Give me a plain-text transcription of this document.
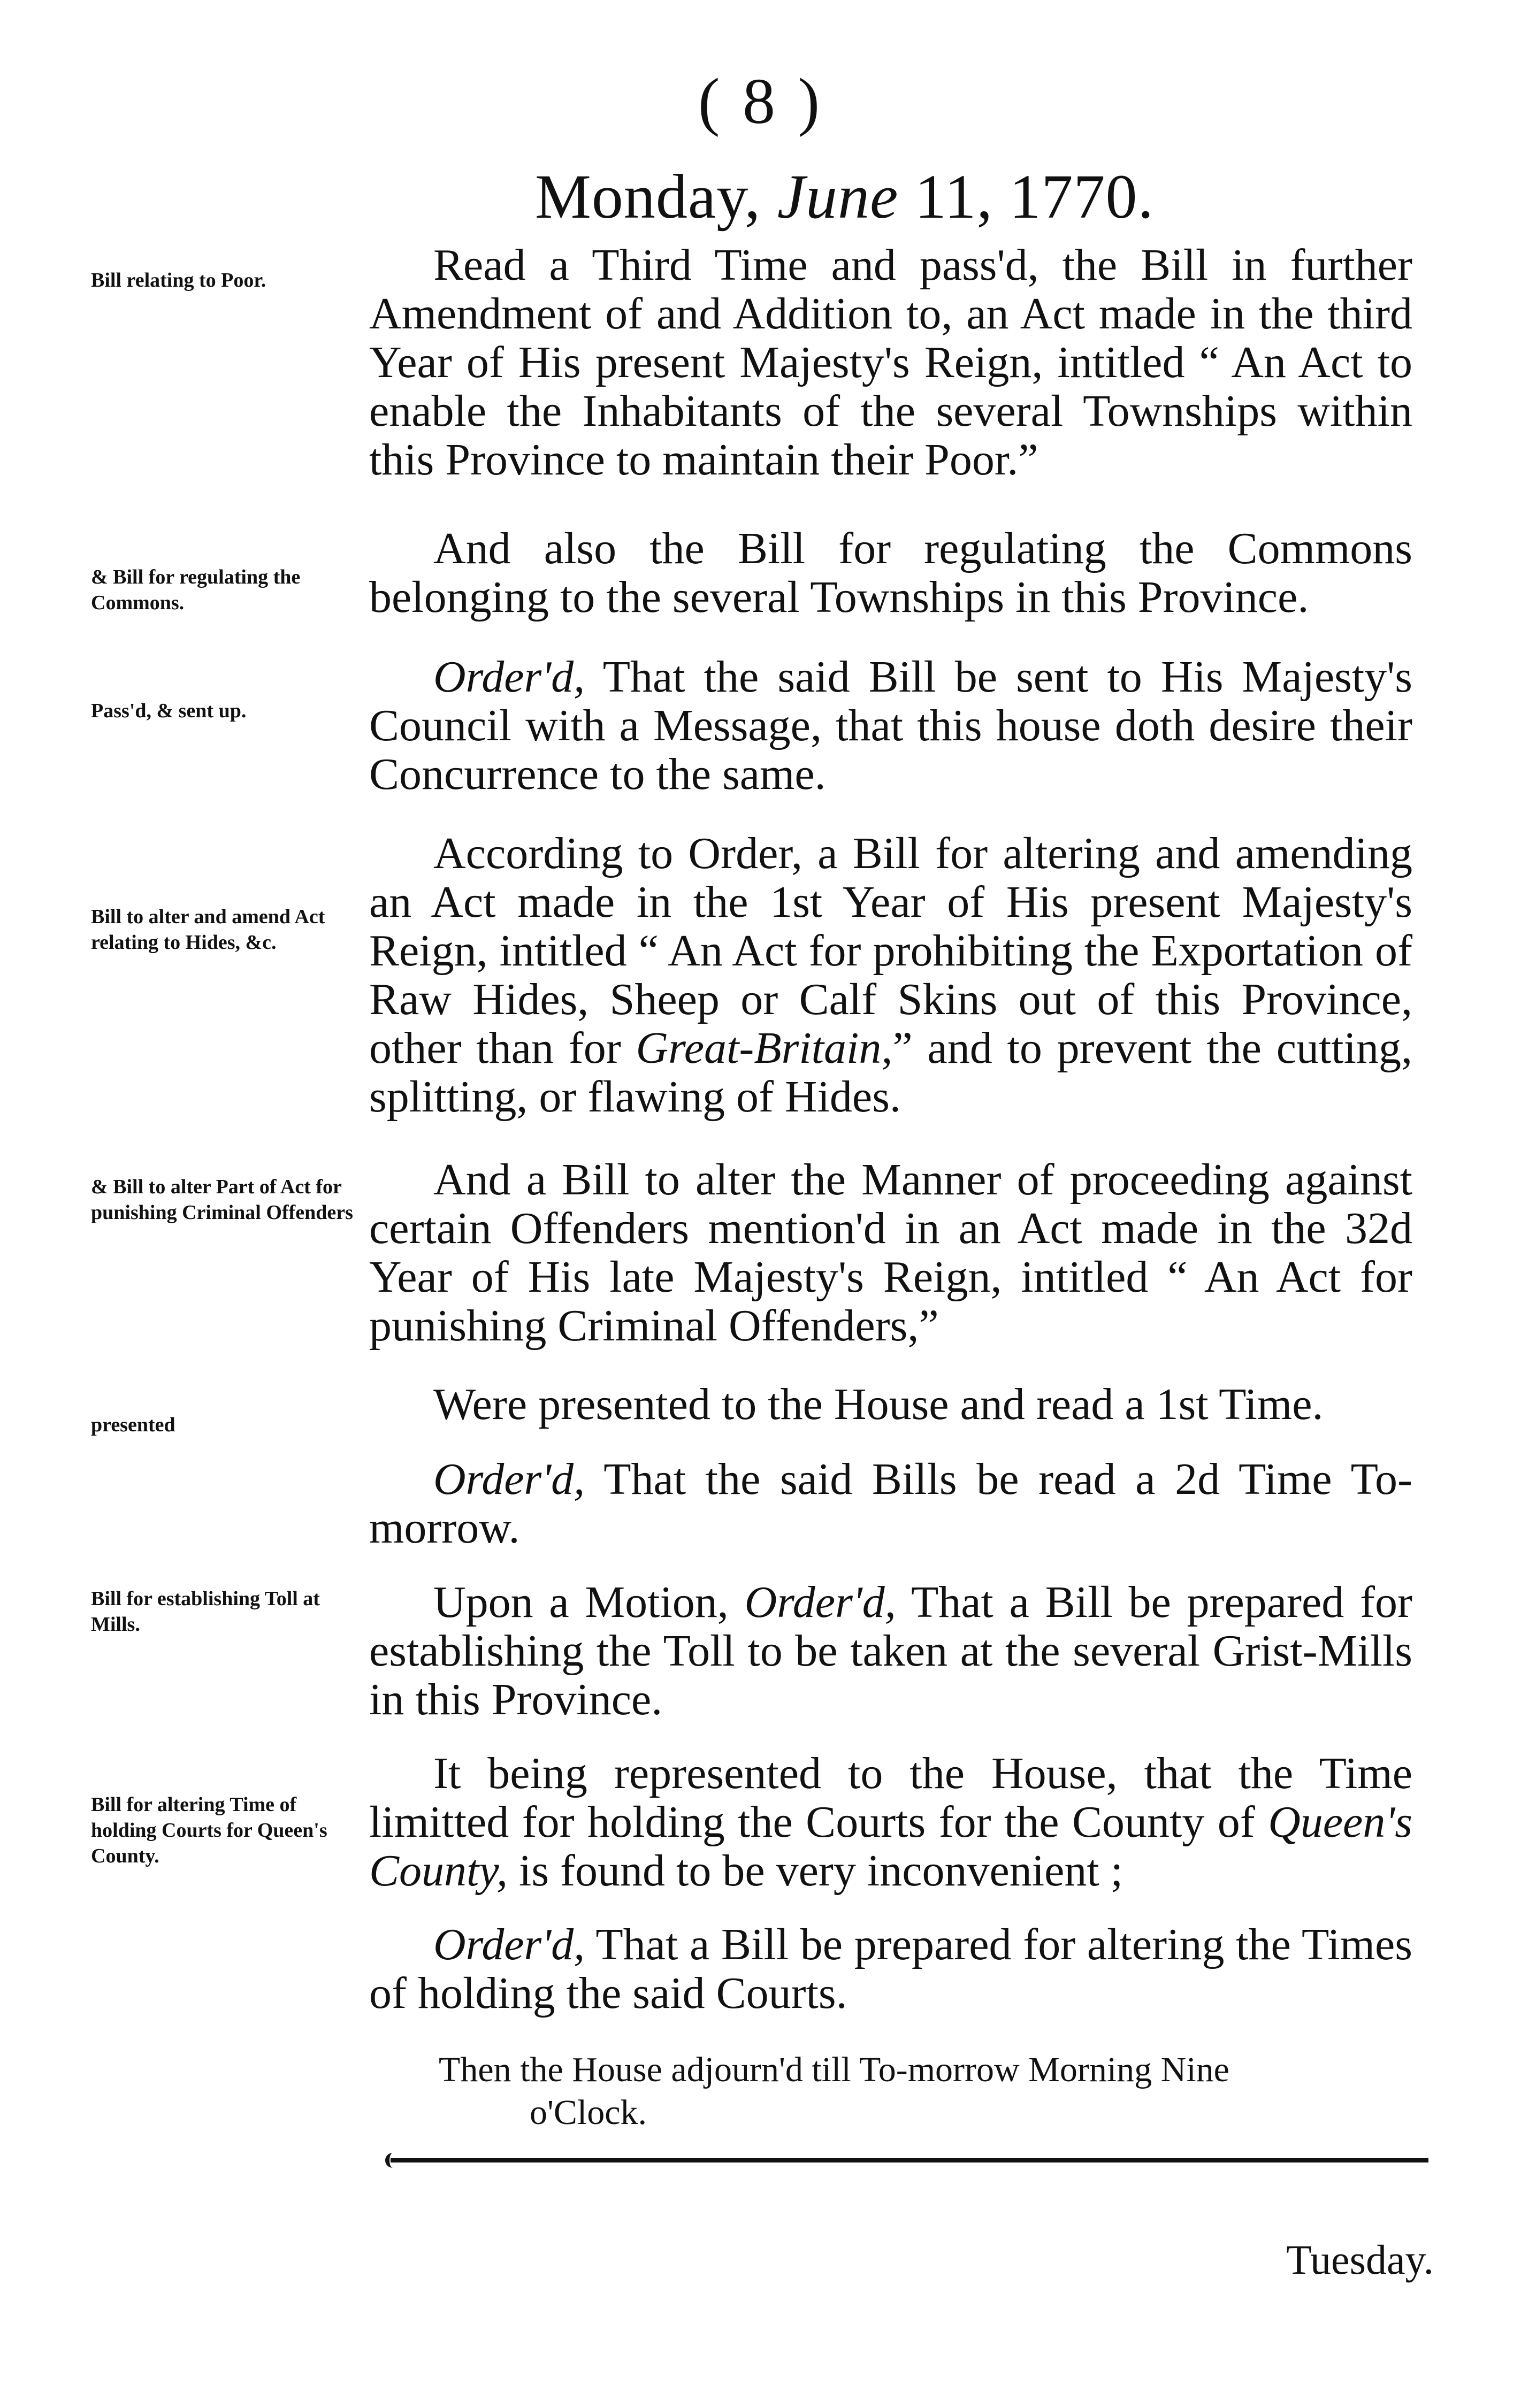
( 8 )
Monday, June 11, 1770.
Bill relating to Poor.
& Bill for regulating the Commons.
Pass'd, & sent up.
Bill to alter and amend Act relating to Hides, &c.
& Bill to alter Part of Act for punishing Criminal Offenders
presented
Bill for establishing Toll at Mills.
Bill for altering Time of holding Courts for Queen's County.
Read a Third Time and pass'd, the Bill in further Amendment of and Addition to, an Act made in the third Year of His present Majesty's Reign, intitled “ An Act to enable the Inhabitants of the several Townships within this Province to maintain their Poor.”
And also the Bill for regulating the Commons belonging to the several Townships in this Province.
Order'd, That the said Bill be sent to His Majesty's Council with a Message, that this house doth desire their Concurrence to the same.
According to Order, a Bill for altering and amending an Act made in the 1st Year of His present Majesty's Reign, intitled “ An Act for prohibiting the Exportation of Raw Hides, Sheep or Calf Skins out of this Province, other than for Great-Britain,” and to prevent the cutting, splitting, or flawing of Hides.
And a Bill to alter the Manner of proceeding against certain Offenders mention'd in an Act made in the 32d Year of His late Majesty's Reign, intitled “ An Act for punishing Criminal Offenders,”
Were presented to the House and read a 1st Time.
Order'd, That the said Bills be read a 2d Time To-morrow.
Upon a Motion, Order'd, That a Bill be prepared for establishing the Toll to be taken at the several Grist-Mills in this Province.
It being represented to the House, that the Time limitted for holding the Courts for the County of Queen's County, is found to be very inconvenient ;
Order'd, That a Bill be prepared for altering the Times of holding the said Courts.
Then the House adjourn'd till To-morrow Morning Nine
o'Clock.
Tuesday.
